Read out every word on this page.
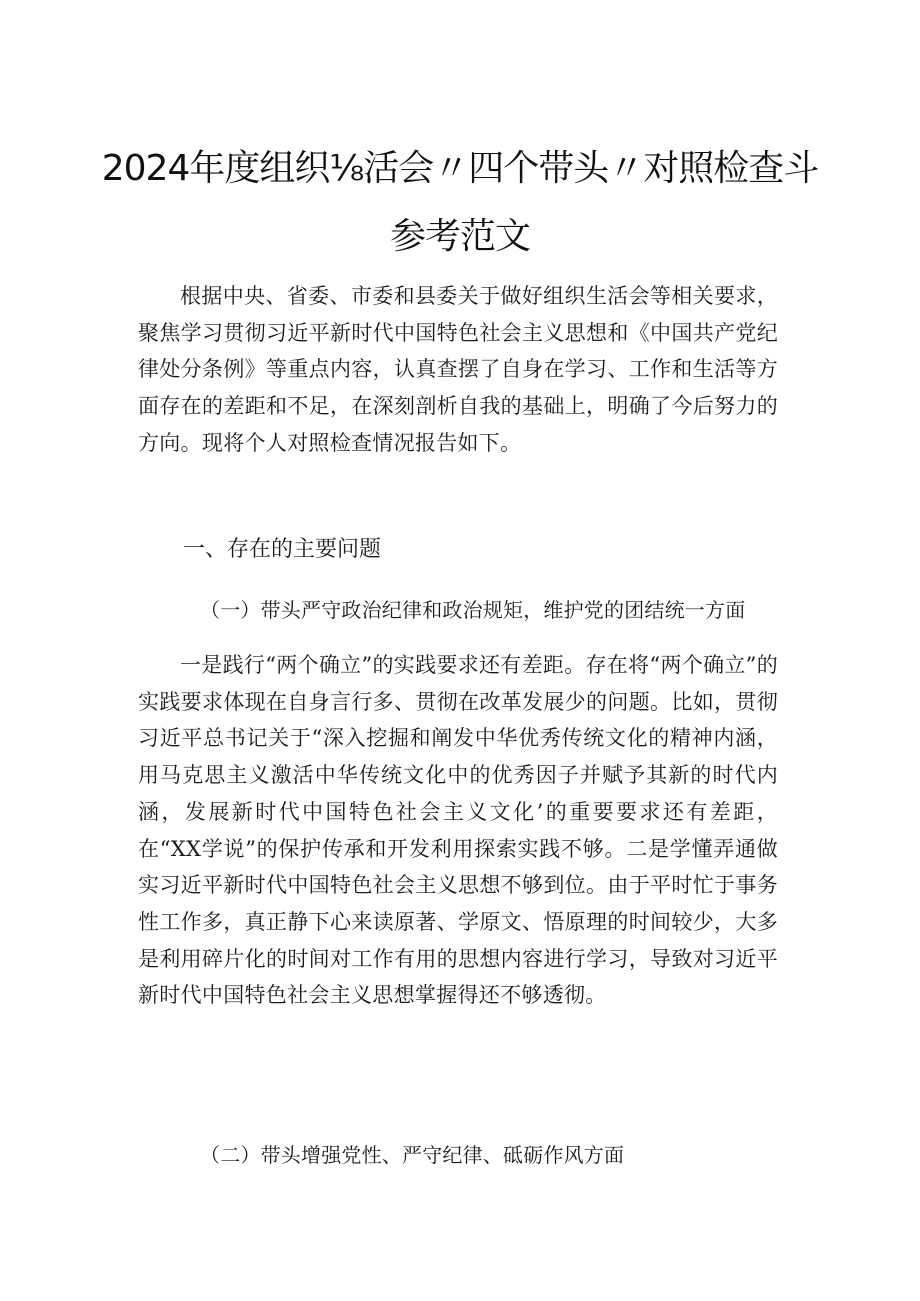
2024年度组织⅛活会〃四个带头〃对照检查斗
参考范文

根据中央、省委、市委和县委关于做好组织生活会等相关要求，聚焦学习贯彻习近平新时代中国特色社会主义思想和《中国共产党纪律处分条例》等重点内容，认真查摆了自身在学习、工作和生活等方面存在的差距和不足，在深刻剖析自我的基础上，明确了今后努力的方向。现将个人对照检查情况报告如下。

一、存在的主要问题
（一）带头严守政治纪律和政治规矩，维护党的团结统一方面

一是践行“两个确立”的实践要求还有差距。存在将“两个确立”的实践要求体现在自身言行多、贯彻在改革发展少的问题。比如，贯彻习近平总书记关于“深入挖掘和阐发中华优秀传统文化的精神内涵，用马克思主义激活中华传统文化中的优秀因子并赋予其新的时代内涵，发展新时代中国特色社会主义文化’的重要要求还有差距，在“XX学说”的保护传承和开发利用探索实践不够。二是学懂弄通做实习近平新时代中国特色社会主义思想不够到位。由于平时忙于事务性工作多，真正静下心来读原著、学原文、悟原理的时间较少，大多是利用碎片化的时间对工作有用的思想内容进行学习，导致对习近平新时代中国特色社会主义思想掌握得还不够透彻。

（二）带头增强党性、严守纪律、砥砺作风方面
